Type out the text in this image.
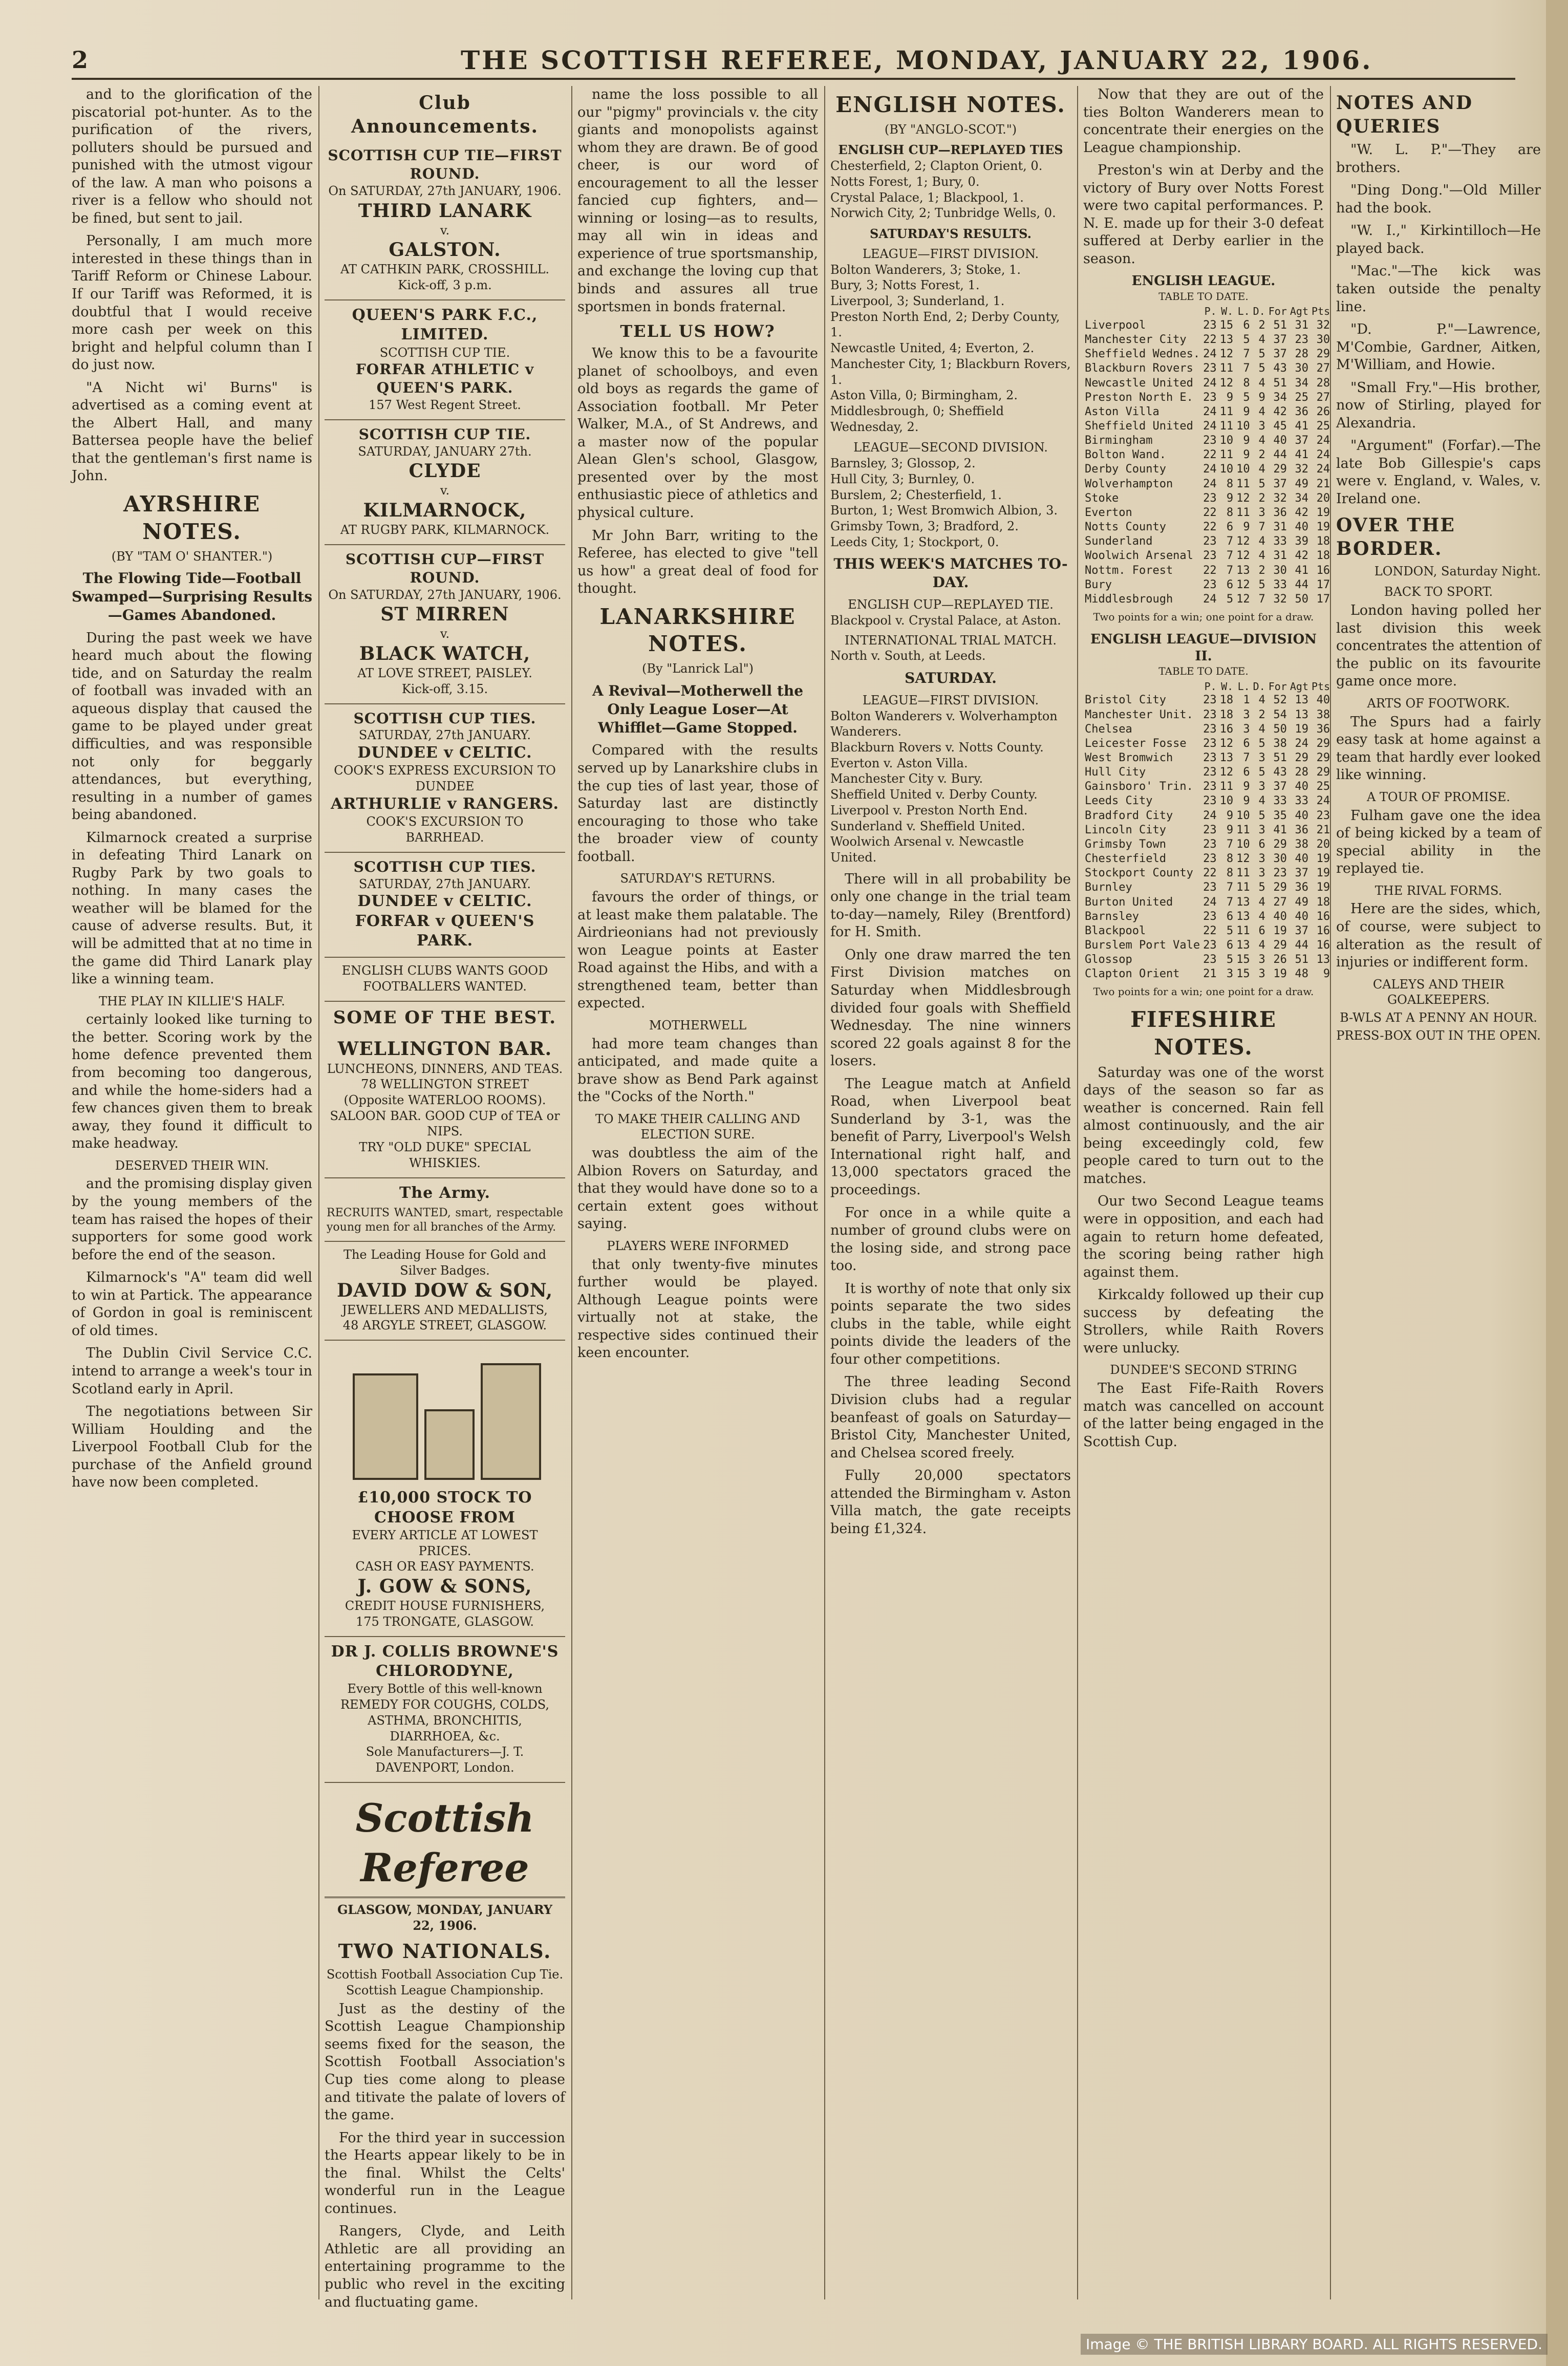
2	THE SCOTTISH REFEREE, MONDAY, JANUARY 22, 1906.

and to the glorification of the piscatorial pot-hunter. As to the purification of the rivers, polluters should be pursued and punished with the utmost vigour of the law. A man who poisons a river is a fellow who should not be fined, but sent to jail.

Personally, I am much more interested in these things than in Tariff Reform or Chinese Labour. If our Tariff was Reformed, it is doubtful that I would receive more cash per week on this bright and helpful column than I do just now.

"A Nicht wi' Burns" is advertised as a coming event at the Albert Hall, and many Battersea people have the belief that the gentleman's first name is John.

AYRSHIRE NOTES.
(BY "TAM O' SHANTER.")
The Flowing Tide—Football Swamped—Surprising Results—Games Abandoned.

During the past week we have heard much about the flowing tide, and on Saturday the realm of football was invaded with an aqueous display that caused the game to be played under great difficulties, and was responsible not only for beggarly attendances, but everything, resulting in a number of games being abandoned.

Kilmarnock created a surprise in defeating Third Lanark on Rugby Park by two goals to nothing. In many cases the weather will be blamed for the cause of adverse results. But, it will be admitted that at no time in the game did Third Lanark play like a winning team.

THE PLAY IN KILLIE'S HALF.

certainly looked like turning to the better. Scoring work by the home defence prevented them from becoming too dangerous, and while the home-siders had a few chances given them to break away, they found it difficult to make headway.

DESERVED THEIR WIN.

and the promising display given by the young members of the team has raised the hopes of their supporters for some good work before the end of the season.

Kilmarnock's "A" team did well to win at Partick. The appearance of Gordon in goal is reminiscent of old times.

The Dublin Civil Service C.C. intend to arrange a week's tour in Scotland early in April.

The negotiations between Sir William Houlding and the Liverpool Football Club for the purchase of the Anfield ground have now been completed.

Club Announcements.
SCOTTISH CUP TIE—FIRST ROUND.
On SATURDAY, 27th JANUARY, 1906.
THIRD LANARK
v.
GALSTON.
AT CATHKIN PARK, CROSSHILL.
Kick-off, 3 p.m.
QUEEN'S PARK F.C., LIMITED.
SCOTTISH CUP TIE.
FORFAR ATHLETIC v QUEEN'S PARK.
157 West Regent Street.
SCOTTISH CUP TIE.
SATURDAY, JANUARY 27th.
CLYDE
v.
KILMARNOCK,
AT RUGBY PARK, KILMARNOCK.
SCOTTISH CUP—FIRST ROUND.
On SATURDAY, 27th JANUARY, 1906.
ST MIRREN
v.
BLACK WATCH,
AT LOVE STREET, PAISLEY.
Kick-off, 3.15.
SCOTTISH CUP TIES.
SATURDAY, 27th JANUARY.
DUNDEE v CELTIC.
COOK'S EXPRESS EXCURSION TO DUNDEE
ARTHURLIE v RANGERS.
COOK'S EXCURSION TO BARRHEAD.
SCOTTISH CUP TIES.
SATURDAY, 27th JANUARY.
DUNDEE v CELTIC.
FORFAR v QUEEN'S PARK.
ENGLISH CLUBS WANTS GOOD FOOTBALLERS WANTED.
SOME OF THE BEST.
WELLINGTON BAR.
LUNCHEONS, DINNERS, AND TEAS.
78 WELLINGTON STREET
(Opposite WATERLOO ROOMS).
SALOON BAR. GOOD CUP of TEA or NIPS.
TRY "OLD DUKE" SPECIAL WHISKIES.
The Army.
RECRUITS WANTED, smart, respectable young men for all branches of the Army.
The Leading House for Gold and Silver Badges.
DAVID DOW & SON,
JEWELLERS AND MEDALLISTS,
48 ARGYLE STREET, GLASGOW.
£10,000 STOCK TO CHOOSE FROM
EVERY ARTICLE AT LOWEST PRICES.
CASH OR EASY PAYMENTS.
J. GOW & SONS,
CREDIT HOUSE FURNISHERS,
175 TRONGATE, GLASGOW.
DR J. COLLIS BROWNE'S CHLORODYNE,
Every Bottle of this well-known
REMEDY FOR COUGHS, COLDS, ASTHMA, BRONCHITIS, DIARRHOEA, &c.
Sole Manufacturers—J. T. DAVENPORT, London.
Scottish Referee
GLASGOW, MONDAY, JANUARY 22, 1906.
TWO NATIONALS.
Scottish Football Association Cup Tie. Scottish League Championship.

Just as the destiny of the Scottish League Championship seems fixed for the season, the Scottish Football Association's Cup ties come along to please and titivate the palate of lovers of the game.

For the third year in succession the Hearts appear likely to be in the final. Whilst the Celts' wonderful run in the League continues.

Rangers, Clyde, and Leith Athletic are all providing an entertaining programme to the public who revel in the exciting and fluctuating game.

name the loss possible to all our "pigmy" provincials v. the city giants and monopolists against whom they are drawn. Be of good cheer, is our word of encouragement to all the lesser fancied cup fighters, and—winning or losing—as to results, may all win in ideas and experience of true sportsmanship, and exchange the loving cup that binds and assures all true sportsmen in bonds fraternal.

TELL US HOW?

We know this to be a favourite planet of schoolboys, and even old boys as regards the game of Association football. Mr Peter Walker, M.A., of St Andrews, and a master now of the popular Alean Glen's school, Glasgow, presented over by the most enthusiastic piece of athletics and physical culture.

Mr John Barr, writing to the Referee, has elected to give "tell us how" a great deal of food for thought.

LANARKSHIRE NOTES.
(By "Lanrick Lal")
A Revival—Motherwell the Only League Loser—At Whifflet—Game Stopped.

Compared with the results served up by Lanarkshire clubs in the cup ties of last year, those of Saturday last are distinctly encouraging to those who take the broader view of county football.

SATURDAY'S RETURNS.

favours the order of things, or at least make them palatable. The Airdrieonians had not previously won League points at Easter Road against the Hibs, and with a strengthened team, better than expected.

MOTHERWELL

had more team changes than anticipated, and made quite a brave show as Bend Park against the "Cocks of the North."

TO MAKE THEIR CALLING AND ELECTION SURE.

was doubtless the aim of the Albion Rovers on Saturday, and that they would have done so to a certain extent goes without saying.

PLAYERS WERE INFORMED

that only twenty-five minutes further would be played. Although League points were virtually not at stake, the respective sides continued their keen encounter.

ENGLISH NOTES.
(BY "ANGLO-SCOT.")
ENGLISH CUP—REPLAYED TIES
Chesterfield, 2; Clapton Orient, 0.
Notts Forest, 1; Bury, 0.
Crystal Palace, 1; Blackpool, 1.
Norwich City, 2; Tunbridge Wells, 0.
SATURDAY'S RESULTS.
LEAGUE—FIRST DIVISION.
Bolton Wanderers, 3; Stoke, 1.
Bury, 3; Notts Forest, 1.
Liverpool, 3; Sunderland, 1.
Preston North End, 2; Derby County, 1.
Newcastle United, 4; Everton, 2.
Manchester City, 1; Blackburn Rovers, 1.
Aston Villa, 0; Birmingham, 2.
Middlesbrough, 0; Sheffield Wednesday, 2.
LEAGUE—SECOND DIVISION.
Barnsley, 3; Glossop, 2.
Hull City, 3; Burnley, 0.
Burslem, 2; Chesterfield, 1.
Burton, 1; West Bromwich Albion, 3.
Grimsby Town, 3; Bradford, 2.
Leeds City, 1; Stockport, 0.
THIS WEEK'S MATCHES TO-DAY.
ENGLISH CUP—REPLAYED TIE.
Blackpool v. Crystal Palace, at Aston.
INTERNATIONAL TRIAL MATCH.
North v. South, at Leeds.
SATURDAY.
LEAGUE—FIRST DIVISION.
Bolton Wanderers v. Wolverhampton Wanderers.
Blackburn Rovers v. Notts County.
Everton v. Aston Villa.
Manchester City v. Bury.
Sheffield United v. Derby County.
Liverpool v. Preston North End.
Sunderland v. Sheffield United.
Woolwich Arsenal v. Newcastle United.

There will in all probability be only one change in the trial team to-day—namely, Riley (Brentford) for H. Smith.

Only one draw marred the ten First Division matches on Saturday when Middlesbrough divided four goals with Sheffield Wednesday. The nine winners scored 22 goals against 8 for the losers.

The League match at Anfield Road, when Liverpool beat Sunderland by 3-1, was the benefit of Parry, Liverpool's Welsh International right half, and 13,000 spectators graced the proceedings.

For once in a while quite a number of ground clubs were on the losing side, and strong pace too.

It is worthy of note that only six points separate the two sides clubs in the table, while eight points divide the leaders of the four other competitions.

The three leading Second Division clubs had a regular beanfeast of goals on Saturday—Bristol City, Manchester United, and Chelsea scored freely.

Fully 20,000 spectators attended the Birmingham v. Aston Villa match, the gate receipts being £1,324.

Now that they are out of the ties Bolton Wanderers mean to concentrate their energies on the League championship.

Preston's win at Derby and the victory of Bury over Notts Forest were two capital performances. P. N. E. made up for their 3-0 defeat suffered at Derby earlier in the season.

ENGLISH LEAGUE.
TABLE TO DATE.
	P.	W.	L.	D.	For	Agt	Pts
Liverpool	23	15	6	2	51	31	32
Manchester City	22	13	5	4	37	23	30
Sheffield Wednes.	24	12	7	5	37	28	29
Blackburn Rovers	23	11	7	5	43	30	27
Newcastle United	24	12	8	4	51	34	28
Preston North E.	23	9	5	9	34	25	27
Aston Villa	24	11	9	4	42	36	26
Sheffield United	24	11	10	3	45	41	25
Birmingham	23	10	9	4	40	37	24
Bolton Wand.	22	11	9	2	44	41	24
Derby County	24	10	10	4	29	32	24
Wolverhampton	24	8	11	5	37	49	21
Stoke	23	9	12	2	32	34	20
Everton	22	8	11	3	36	42	19
Notts County	22	6	9	7	31	40	19
Sunderland	23	7	12	4	33	39	18
Woolwich Arsenal	23	7	12	4	31	42	18
Nottm. Forest	22	7	13	2	30	41	16
Bury	23	6	12	5	33	44	17
Middlesbrough	24	5	12	7	32	50	17
Two points for a win; one point for a draw.
ENGLISH LEAGUE—DIVISION II.
TABLE TO DATE.
	P.	W.	L.	D.	For	Agt	Pts
Bristol City	23	18	1	4	52	13	40
Manchester Unit.	23	18	3	2	54	13	38
Chelsea	23	16	3	4	50	19	36
Leicester Fosse	23	12	6	5	38	24	29
West Bromwich	23	13	7	3	51	29	29
Hull City	23	12	6	5	43	28	29
Gainsboro' Trin.	23	11	9	3	37	40	25
Leeds City	23	10	9	4	33	33	24
Bradford City	24	9	10	5	35	40	23
Lincoln City	23	9	11	3	41	36	21
Grimsby Town	23	7	10	6	29	38	20
Chesterfield	23	8	12	3	30	40	19
Stockport County	22	8	11	3	23	37	19
Burnley	23	7	11	5	29	36	19
Burton United	24	7	13	4	27	49	18
Barnsley	23	6	13	4	40	40	16
Blackpool	22	5	11	6	19	37	16
Burslem Port Vale	23	6	13	4	29	44	16
Glossop	23	5	15	3	26	51	13
Clapton Orient	21	3	15	3	19	48	9
Two points for a win; one point for a draw.
FIFESHIRE NOTES.

Saturday was one of the worst days of the season so far as weather is concerned. Rain fell almost continuously, and the air being exceedingly cold, few people cared to turn out to the matches.

Our two Second League teams were in opposition, and each had again to return home defeated, the scoring being rather high against them.

Kirkcaldy followed up their cup success by defeating the Strollers, while Raith Rovers were unlucky.

DUNDEE'S SECOND STRING

The East Fife-Raith Rovers match was cancelled on account of the latter being engaged in the Scottish Cup.

NOTES AND QUERIES

"W. L. P."—They are brothers.

"Ding Dong."—Old Miller had the book.

"W. I.," Kirkintilloch—He played back.

"Mac."—The kick was taken outside the penalty line.

"D. P."—Lawrence, M'Combie, Gardner, Aitken, M'William, and Howie.

"Small Fry."—His brother, now of Stirling, played for Alexandria.

"Argument" (Forfar).—The late Bob Gillespie's caps were v. England, v. Wales, v. Ireland one.

OVER THE BORDER.
LONDON, Saturday Night.
BACK TO SPORT.

London having polled her last division this week concentrates the attention of the public on its favourite game once more.

ARTS OF FOOTWORK.

The Spurs had a fairly easy task at home against a team that hardly ever looked like winning.

A TOUR OF PROMISE.

Fulham gave one the idea of being kicked by a team of special ability in the replayed tie.

THE RIVAL FORMS.

Here are the sides, which, of course, were subject to alteration as the result of injuries or indifferent form.

CALEYS AND THEIR GOALKEEPERS.
B-WLS AT A PENNY AN HOUR.
PRESS-BOX OUT IN THE OPEN.
Image © THE BRITISH LIBRARY BOARD. ALL RIGHTS RESERVED.
